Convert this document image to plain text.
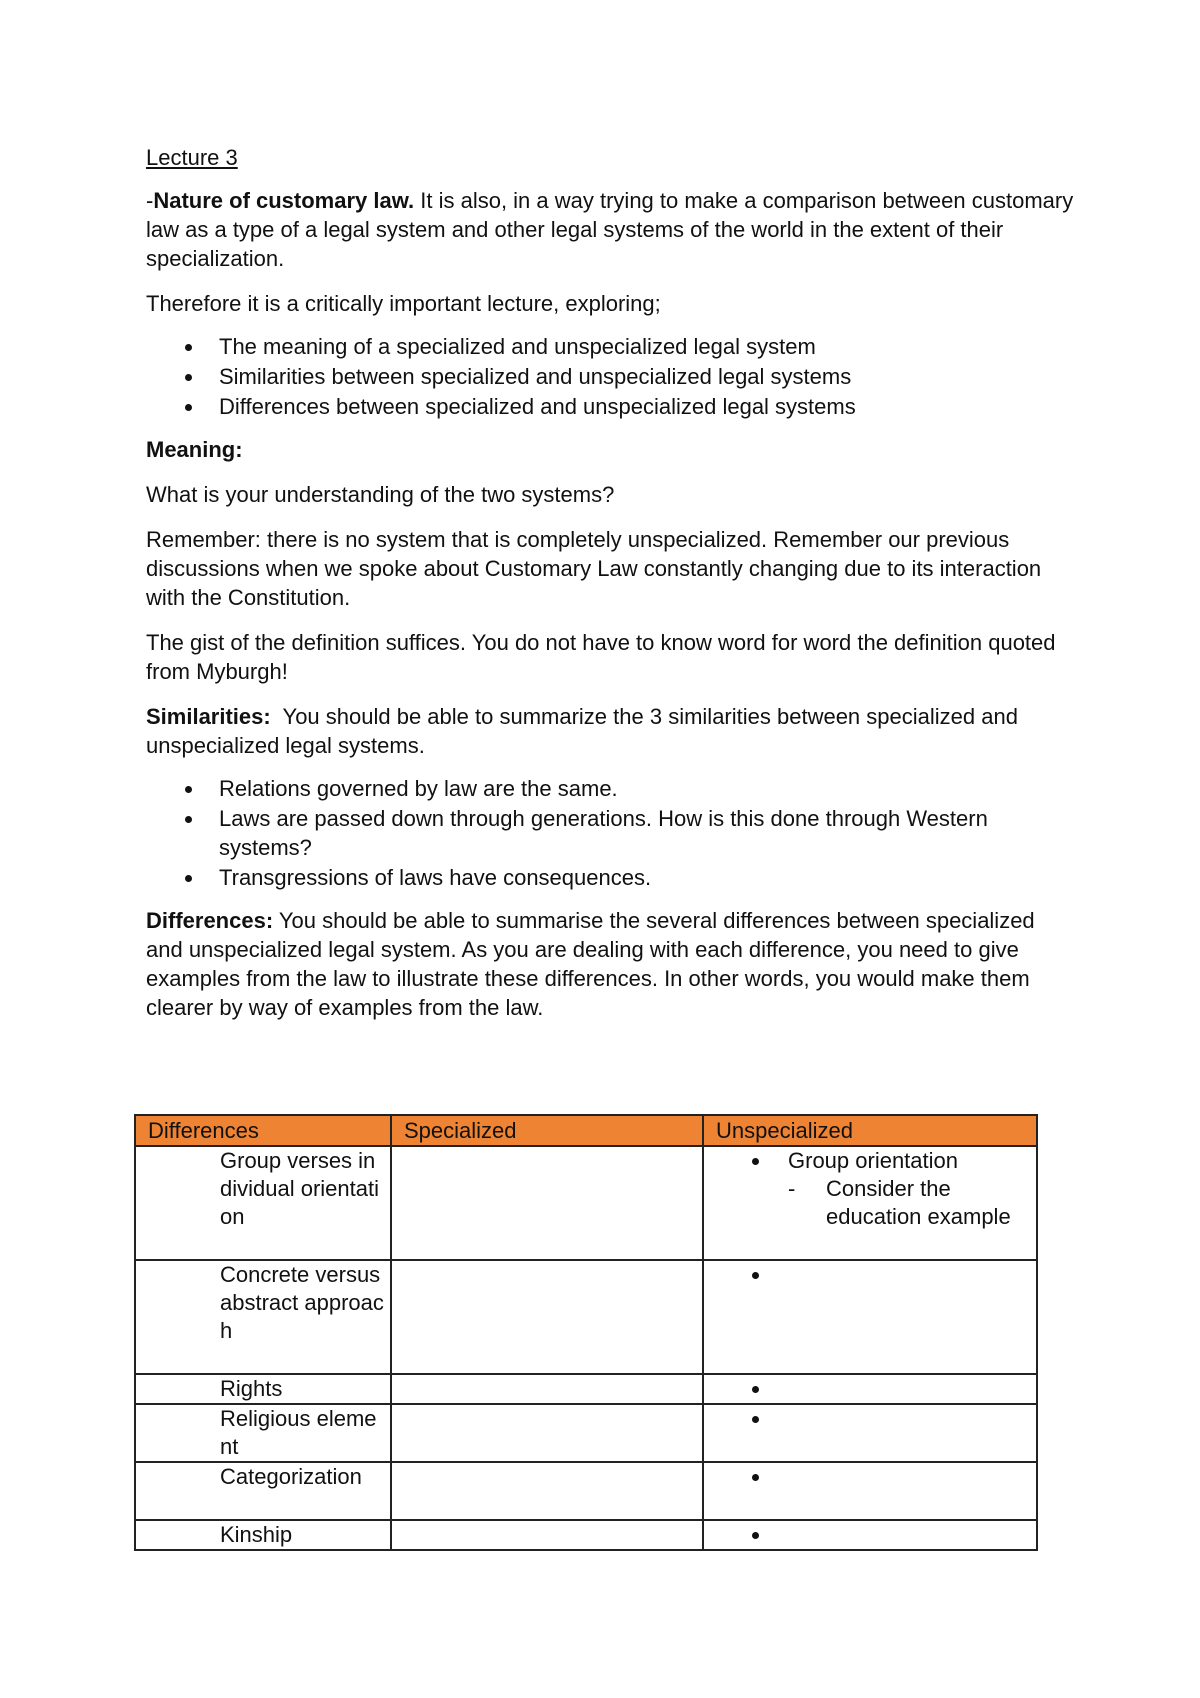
Lecture 3

-Nature of customary law. It is also, in a way trying to make a comparison between customary law as a type of a legal system and other legal systems of the world in the extent of their specialization.

Therefore it is a critically important lecture, exploring;

The meaning of a specialized and unspecialized legal system
Similarities between specialized and unspecialized legal systems
Differences between specialized and unspecialized legal systems

Meaning:

What is your understanding of the two systems?

Remember: there is no system that is completely unspecialized. Remember our previous discussions when we spoke about Customary Law constantly changing due to its interaction with the Constitution.

The gist of the definition suffices. You do not have to know word for word the definition quoted from Myburgh!

Similarities:  You should be able to summarize the 3 similarities between specialized and unspecialized legal systems.

Relations governed by law are the same.
Laws are passed down through generations. How is this done through Western systems?
Transgressions of laws have consequences.

Differences: You should be able to summarise the several differences between specialized and unspecialized legal system. As you are dealing with each difference, you need to give examples from the law to illustrate these differences. In other words, you would make them clearer by way of examples from the law.

Differences	Specialized	Unspecialized

Group verses individual orientation		Group orientation
- Consider the education example

Concrete versus abstract approach		

Rights		

Religious element		

Categorization		

Kinship		
